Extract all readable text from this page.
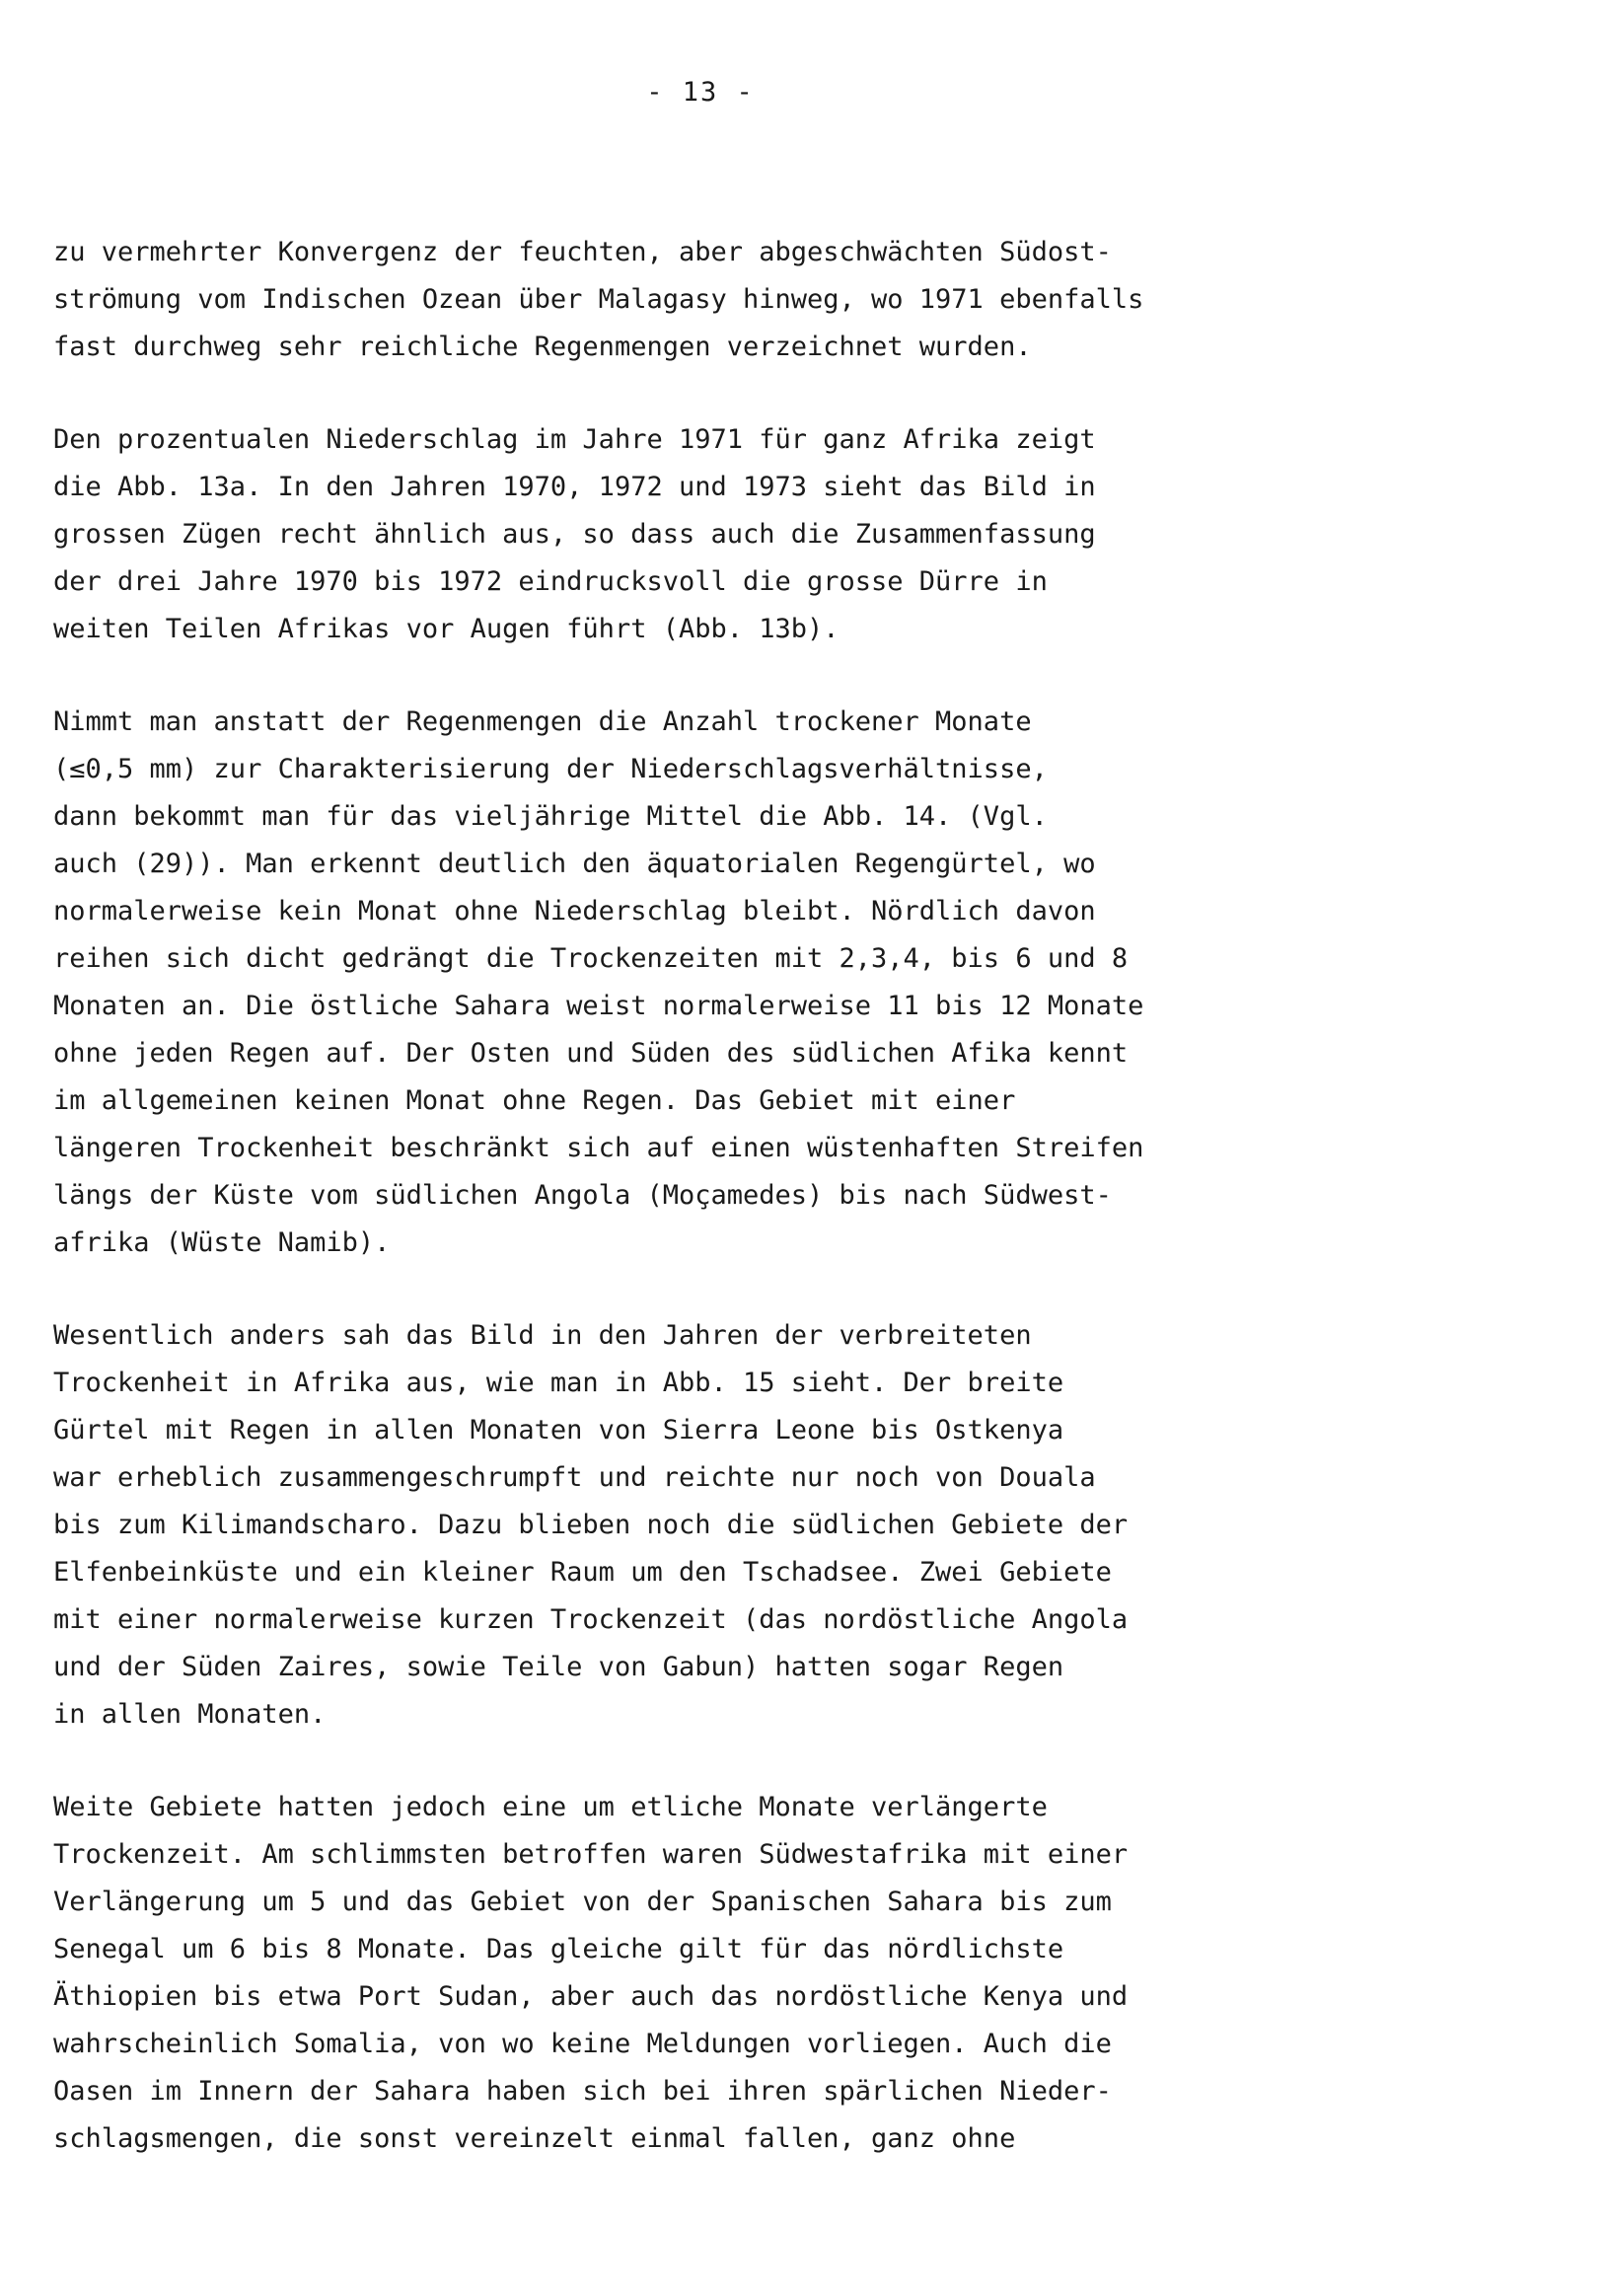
- 13 -
zu vermehrter Konvergenz der feuchten, aber abgeschwächten Südost-
strömung vom Indischen Ozean über Malagasy hinweg, wo 1971 ebenfalls
fast durchweg sehr reichliche Regenmengen verzeichnet wurden.
Den prozentualen Niederschlag im Jahre 1971 für ganz Afrika zeigt
die Abb. 13a. In den Jahren 1970, 1972 und 1973 sieht das Bild in
grossen Zügen recht ähnlich aus, so dass auch die Zusammenfassung
der drei Jahre 1970 bis 1972 eindrucksvoll die grosse Dürre in
weiten Teilen Afrikas vor Augen führt (Abb. 13b).
Nimmt man anstatt der Regenmengen die Anzahl trockener Monate
(≤0,5 mm) zur Charakterisierung der Niederschlagsverhältnisse,
dann bekommt man für das vieljährige Mittel die Abb. 14. (Vgl.
auch (29)). Man erkennt deutlich den äquatorialen Regengürtel, wo
normalerweise kein Monat ohne Niederschlag bleibt. Nördlich davon
reihen sich dicht gedrängt die Trockenzeiten mit 2,3,4, bis 6 und 8
Monaten an. Die östliche Sahara weist normalerweise 11 bis 12 Monate
ohne jeden Regen auf. Der Osten und Süden des südlichen Afika kennt
im allgemeinen keinen Monat ohne Regen. Das Gebiet mit einer
längeren Trockenheit beschränkt sich auf einen wüstenhaften Streifen
längs der Küste vom südlichen Angola (Moçamedes) bis nach Südwest-
afrika (Wüste Namib).
Wesentlich anders sah das Bild in den Jahren der verbreiteten
Trockenheit in Afrika aus, wie man in Abb. 15 sieht. Der breite
Gürtel mit Regen in allen Monaten von Sierra Leone bis Ostkenya
war erheblich zusammengeschrumpft und reichte nur noch von Douala
bis zum Kilimandscharo. Dazu blieben noch die südlichen Gebiete der
Elfenbeinküste und ein kleiner Raum um den Tschadsee. Zwei Gebiete
mit einer normalerweise kurzen Trockenzeit (das nordöstliche Angola
und der Süden Zaires, sowie Teile von Gabun) hatten sogar Regen
in allen Monaten.
Weite Gebiete hatten jedoch eine um etliche Monate verlängerte
Trockenzeit. Am schlimmsten betroffen waren Südwestafrika mit einer
Verlängerung um 5 und das Gebiet von der Spanischen Sahara bis zum
Senegal um 6 bis 8 Monate. Das gleiche gilt für das nördlichste
Äthiopien bis etwa Port Sudan, aber auch das nordöstliche Kenya und
wahrscheinlich Somalia, von wo keine Meldungen vorliegen. Auch die
Oasen im Innern der Sahara haben sich bei ihren spärlichen Nieder-
schlagsmengen, die sonst vereinzelt einmal fallen, ganz ohne
